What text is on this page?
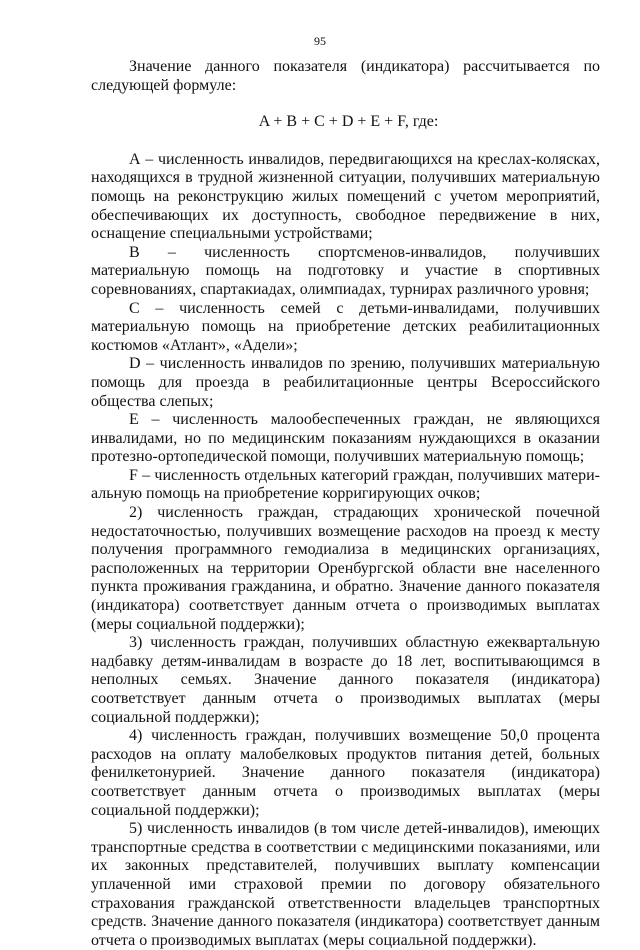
95

Значение данного показателя (индикатора) рассчитывается по следующей формуле:

A + B + C + D + E + F, где:

А – численность инвалидов, передвигающихся на креслах-колясках, находящихся в трудной жизненной ситуации, получивших материальную помощь на реконструкцию жилых помещений с учетом мероприятий, обеспечивающих их доступность, свободное передвижение в них, оснащение специальными устройствами;

В – численность спортсменов-инвалидов, получивших материальную помощь на подготовку и участие в спортивных соревнованиях, спартакиадах, олимпиадах, турнирах различного уровня;

С – численность семей с детьми-инвалидами, получивших материальную помощь на приобретение детских реабилитационных костюмов «Атлант», «Адели»;

D – численность инвалидов по зрению, получивших материальную помощь для проезда в реабилитационные центры Всероссийского общества слепых;

Е – численность малообеспеченных граждан, не являющихся инвалидами, но по медицинским показаниям нуждающихся в оказании протезно-ортопедической помощи, получивших материальную помощь;

F – численность отдельных категорий граждан, получивших материальную помощь на приобретение корригирующих очков;

2) численность граждан, страдающих хронической почечной недостаточностью, получивших возмещение расходов на проезд к месту получения программного гемодиализа в медицинских организациях, расположенных на территории Оренбургской области вне населенного пункта проживания гражданина, и обратно. Значение данного показателя (индикатора) соответствует данным отчета о производимых выплатах (меры социальной поддержки);

3) численность граждан, получивших областную ежеквартальную надбавку детям-инвалидам в возрасте до 18 лет, воспитывающимся в неполных семьях. Значение данного показателя (индикатора) соответствует данным отчета о производимых выплатах (меры социальной поддержки);

4) численность граждан, получивших возмещение 50,0 процента расходов на оплату малобелковых продуктов питания детей, больных фенилкетонурией. Значение данного показателя (индикатора) соответствует данным отчета о производимых выплатах (меры социальной поддержки);

5) численность инвалидов (в том числе детей-инвалидов), имеющих транспортные средства в соответствии с медицинскими показаниями, или их законных представителей, получивших выплату компенсации уплаченной ими страховой премии по договору обязательного страхования гражданской ответственности владельцев транспортных средств. Значение данного показателя (индикатора) соответствует данным отчета о производимых выплатах (меры социальной поддержки).
